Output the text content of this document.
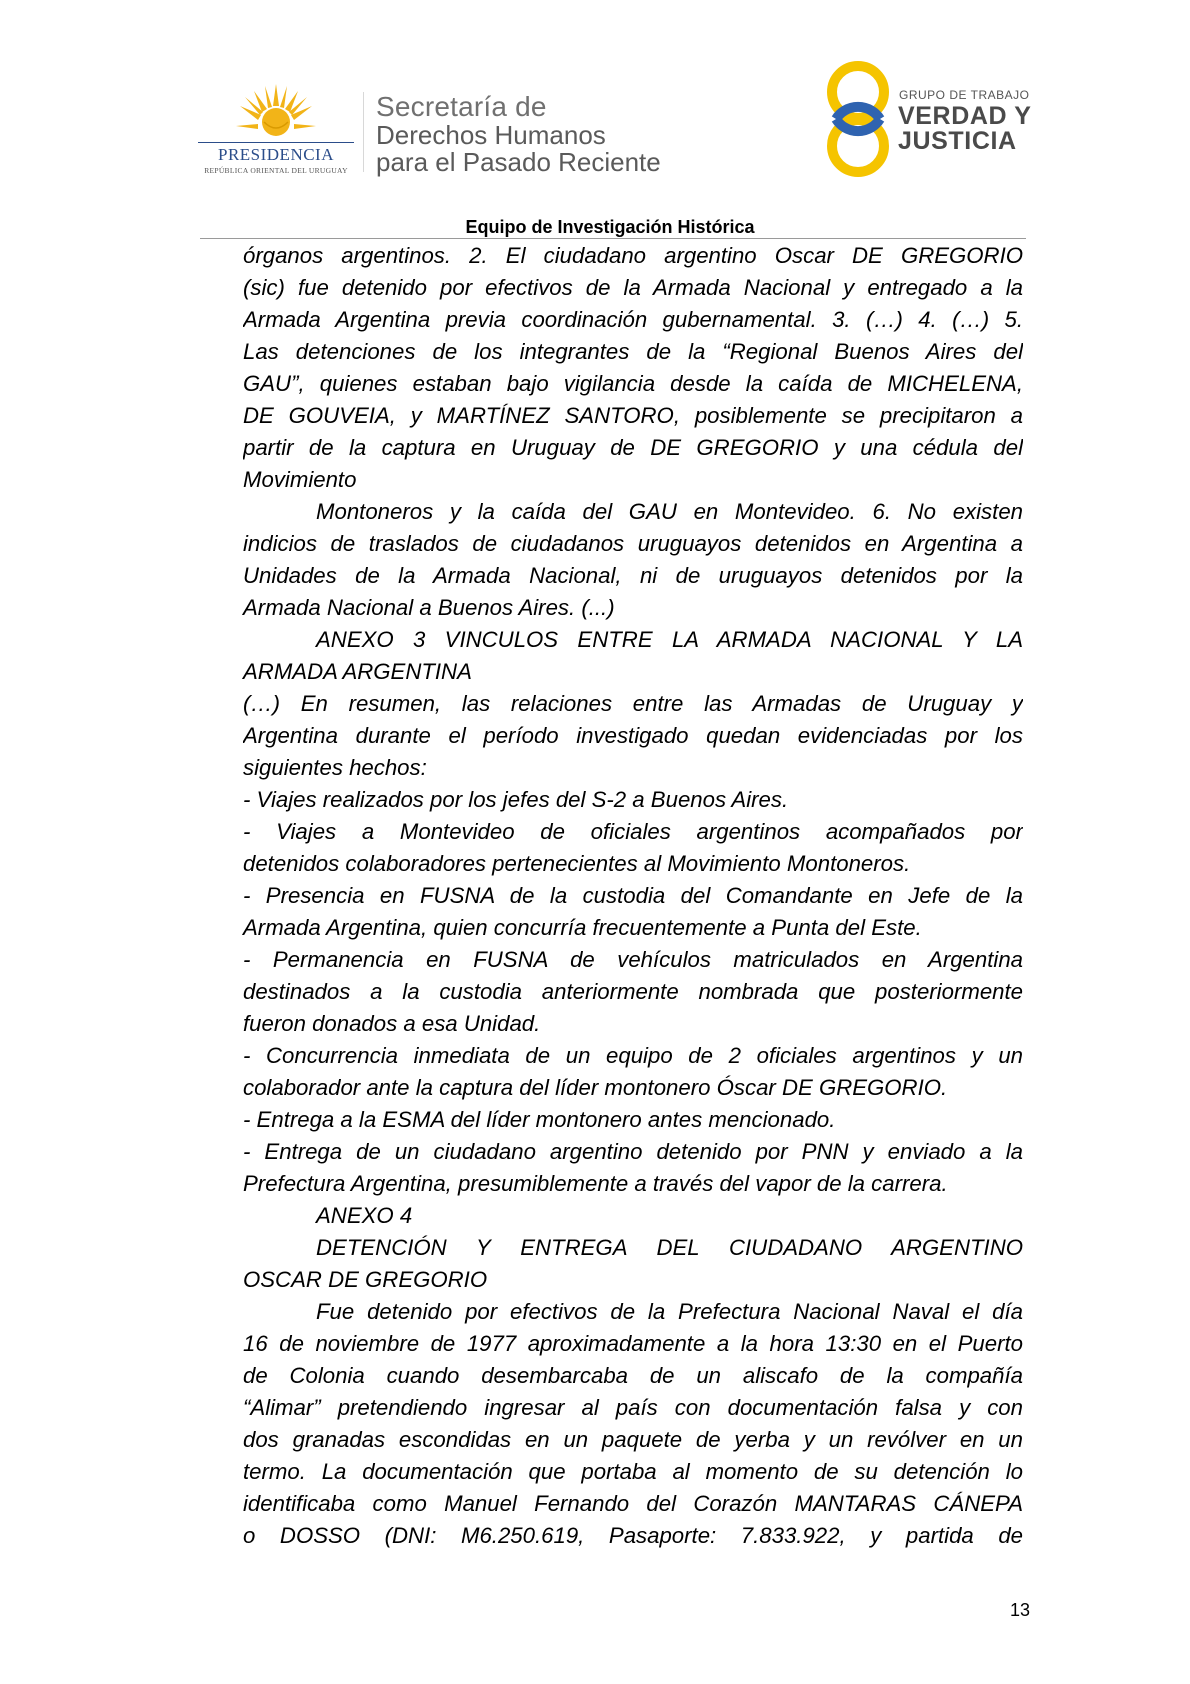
PRESIDENCIA
REPÚBLICA ORIENTAL DEL URUGUAY
Secretaría de
Derechos Humanos
para el Pasado Reciente
GRUPO DE TRABAJO
VERDAD Y
JUSTICIA
Equipo de Investigación Histórica
órganos argentinos. 2. El ciudadano argentino Oscar DE GREGORIO
(sic) fue detenido por efectivos de la Armada Nacional y entregado a la
Armada Argentina previa coordinación gubernamental. 3. (…) 4. (…) 5.
Las detenciones de los integrantes de la “Regional Buenos Aires del
GAU”, quienes estaban bajo vigilancia desde la caída de MICHELENA,
DE GOUVEIA, y MARTÍNEZ SANTORO, posiblemente se precipitaron a
partir de la captura en Uruguay de DE GREGORIO y una cédula del
Movimiento
Montoneros y la caída del GAU en Montevideo. 6. No existen
indicios de traslados de ciudadanos uruguayos detenidos en Argentina a
Unidades de la Armada Nacional, ni de uruguayos detenidos por la
Armada Nacional a Buenos Aires. (...)
ANEXO 3 VINCULOS ENTRE LA ARMADA NACIONAL Y LA
ARMADA ARGENTINA
(…) En resumen, las relaciones entre las Armadas de Uruguay y
Argentina durante el período investigado quedan evidenciadas por los
siguientes hechos:
- Viajes realizados por los jefes del S-2 a Buenos Aires.
- Viajes a Montevideo de oficiales argentinos acompañados por
detenidos colaboradores pertenecientes al Movimiento Montoneros.
- Presencia en FUSNA de la custodia del Comandante en Jefe de la
Armada Argentina, quien concurría frecuentemente a Punta del Este.
- Permanencia en FUSNA de vehículos matriculados en Argentina
destinados a la custodia anteriormente nombrada que posteriormente
fueron donados a esa Unidad.
- Concurrencia inmediata de un equipo de 2 oficiales argentinos y un
colaborador ante la captura del líder montonero Óscar DE GREGORIO.
- Entrega a la ESMA del líder montonero antes mencionado.
- Entrega de un ciudadano argentino detenido por PNN y enviado a la
Prefectura Argentina, presumiblemente a través del vapor de la carrera.
ANEXO 4
DETENCIÓN Y ENTREGA DEL CIUDADANO ARGENTINO
OSCAR DE GREGORIO
Fue detenido por efectivos de la Prefectura Nacional Naval el día
16 de noviembre de 1977 aproximadamente a la hora 13:30 en el Puerto
de Colonia cuando desembarcaba de un aliscafo de la compañía
“Alimar” pretendiendo ingresar al país con documentación falsa y con
dos granadas escondidas en un paquete de yerba y un revólver en un
termo. La documentación que portaba al momento de su detención lo
identificaba como Manuel Fernando del Corazón MANTARAS CÁNEPA
o DOSSO (DNI: M6.250.619, Pasaporte: 7.833.922, y partida de
13
